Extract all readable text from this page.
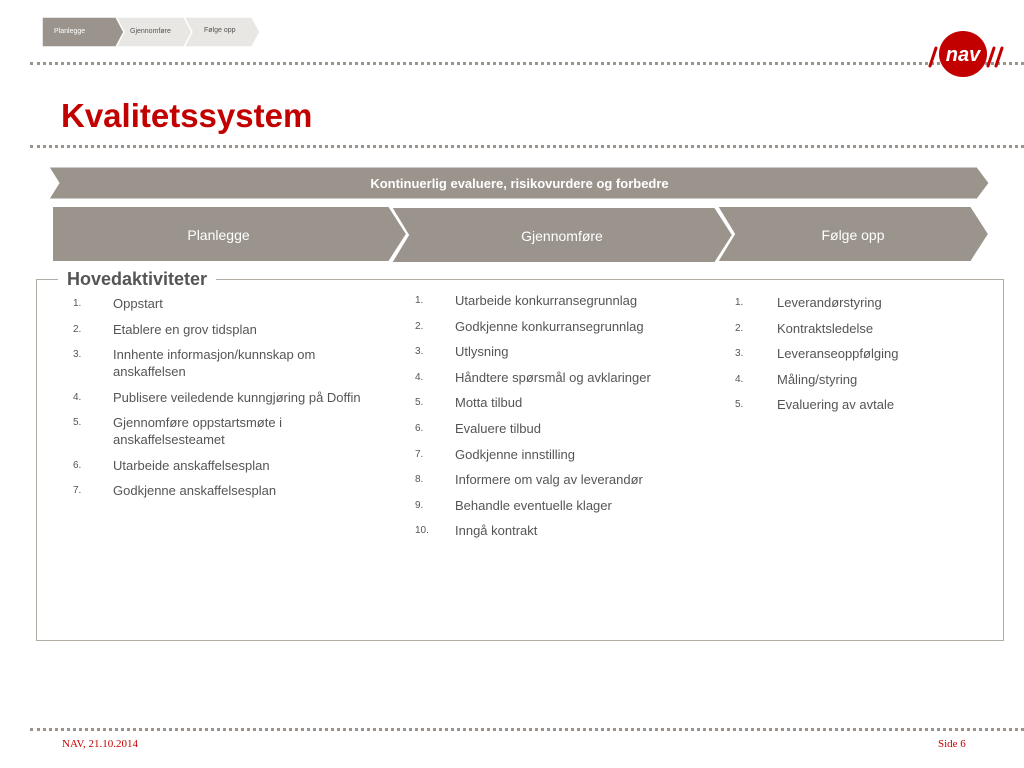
Planlegge	Gjennomføre	Følge opp
nav
Kvalitetssystem
Kontinuerlig evaluere, risikovurdere og forbedre
Planlegge	Gjennomføre	Følge opp
Hovedaktiviteter
1. Oppstart
2. Etablere en grov tidsplan
3. Innhente informasjon/kunnskap om anskaffelsen
4. Publisere veiledende kunngjøring på Doffin
5. Gjennomføre oppstartsmøte i anskaffelsesteamet
6. Utarbeide anskaffelsesplan
7. Godkjenne anskaffelsesplan
1. Utarbeide konkurransegrunnlag
2. Godkjenne konkurransegrunnlag
3. Utlysning
4. Håndtere spørsmål og avklaringer
5. Motta tilbud
6. Evaluere tilbud
7. Godkjenne innstilling
8. Informere om valg av leverandør
9. Behandle eventuelle klager
10. Inngå kontrakt
1.	Leverandørstyring
2.	Kontraktsledelse
3.	Leveranseoppfølging
4.	Måling/styring
5.	Evaluering av avtale
NAV, 21.10.2014	Side 6
